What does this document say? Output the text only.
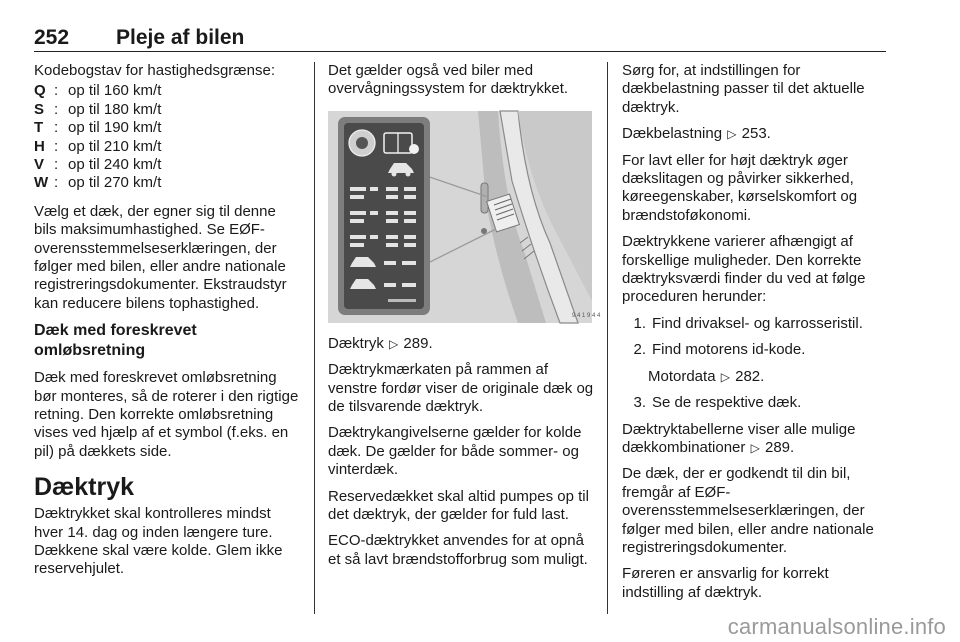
252 Pleje af bilen

Kodebogstav for hastighedsgrænse:

Q : op til 160 km/t
S : op til 180 km/t
T : op til 190 km/t
H : op til 210 km/t
V : op til 240 km/t
W : op til 270 km/t

Vælg et dæk, der egner sig til denne bils maksimumhastighed. Se EØF-overensstemmelseserklæringen, der følger med bilen, eller andre nationale registreringsdokumenter. Ekstraudstyr kan reducere bilens tophastighed.

Dæk med foreskrevet omløbsretning

Dæk med foreskrevet omløbsretning bør monteres, så de roterer i den rigtige retning. Den korrekte omløbsretning vises ved hjælp af et symbol (f.eks. en pil) på dækkets side.

Dæktryk

Dæktrykket skal kontrolleres mindst hver 14. dag og inden længere ture. Dækkene skal være kolde. Glem ikke reservehjulet.

Det gælder også ved biler med overvågningssystem for dæktrykket.

9 4 1 9 4 4

Dæktryk ▷ 289.

Dæktrykmærkaten på rammen af venstre fordør viser de originale dæk og de tilsvarende dæktryk.

Dæktrykangivelserne gælder for kolde dæk. De gælder for både sommer- og vinterdæk.

Reservedækket skal altid pumpes op til det dæktryk, der gælder for fuld last.

ECO-dæktrykket anvendes for at opnå et så lavt brændstofforbrug som muligt.

Sørg for, at indstillingen for dækbelastning passer til det aktuelle dæktryk.

Dækbelastning ▷ 253.

For lavt eller for højt dæktryk øger dækslitagen og påvirker sikkerhed, køreegenskaber, kørselskomfort og brændstoføkonomi.

Dæktrykkene varierer afhængigt af forskellige muligheder. Den korrekte dæktryksværdi finder du ved at følge proceduren herunder:

1. Find drivaksel- og karrosseristil.
2. Find motorens id-kode.
Motordata ▷ 282.
3. Se de respektive dæk.

Dæktryktabellerne viser alle mulige dækkombinationer ▷ 289.

De dæk, der er godkendt til din bil, fremgår af EØF-overensstemmelseserklæringen, der følger med bilen, eller andre nationale registreringsdokumenter.

Føreren er ansvarlig for korrekt indstilling af dæktryk.

carmanualsonline.info
